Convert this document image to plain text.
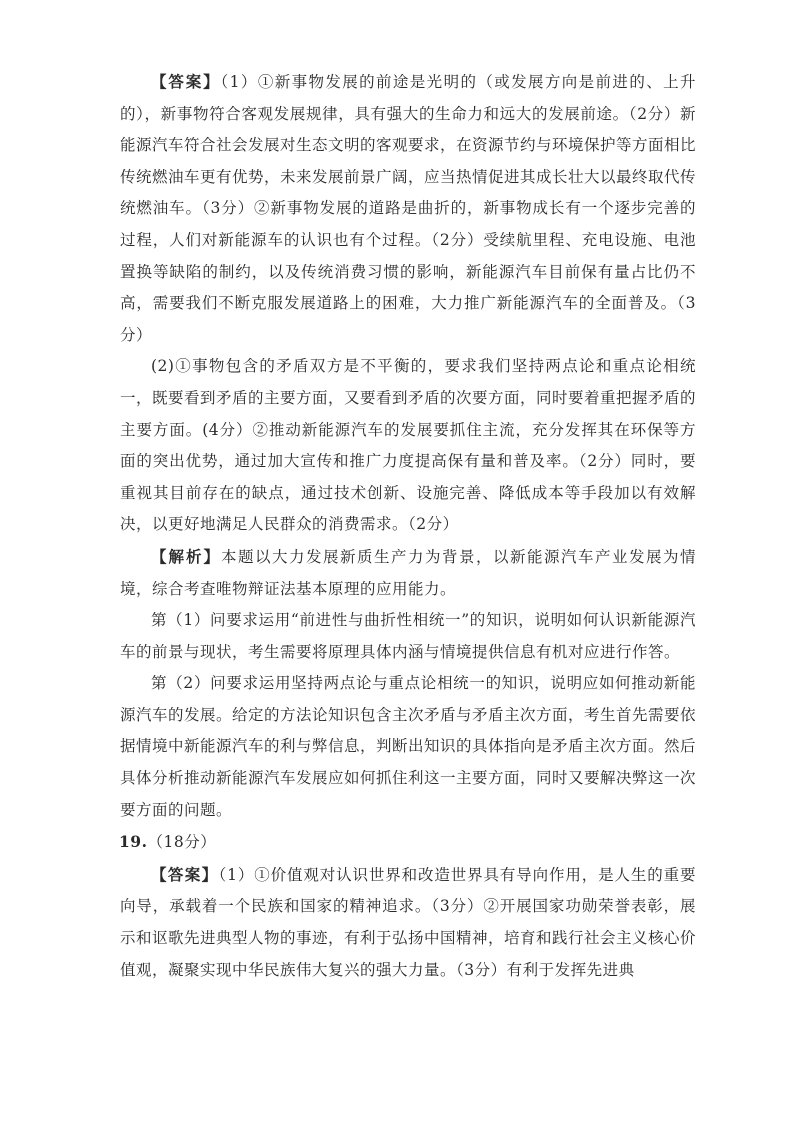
【答案】（1）①新事物发展的前途是光明的（或发展方向是前进的、上升的），新事物符合客观发展规律，具有强大的生命力和远大的发展前途。（2分）新能源汽车符合社会发展对生态文明的客观要求，在资源节约与环境保护等方面相比传统燃油车更有优势，未来发展前景广阔，应当热情促进其成长壮大以最终取代传统燃油车。（3分）②新事物发展的道路是曲折的，新事物成长有一个逐步完善的过程，人们对新能源车的认识也有个过程。（2分）受续航里程、充电设施、电池置换等缺陷的制约，以及传统消费习惯的影响，新能源汽车目前保有量占比仍不高，需要我们不断克服发展道路上的困难，大力推广新能源汽车的全面普及。（3分）

(2)①事物包含的矛盾双方是不平衡的，要求我们坚持两点论和重点论相统一，既要看到矛盾的主要方面，又要看到矛盾的次要方面，同时要着重把握矛盾的主要方面。(4分）②推动新能源汽车的发展要抓住主流，充分发挥其在环保等方面的突出优势，通过加大宣传和推广力度提高保有量和普及率。（2分）同时，要重视其目前存在的缺点，通过技术创新、设施完善、降低成本等手段加以有效解决，以更好地满足人民群众的消费需求。（2分）

【解析】本题以大力发展新质生产力为背景，以新能源汽车产业发展为情境，综合考查唯物辩证法基本原理的应用能力。

第（1）问要求运用“前进性与曲折性相统一”的知识，说明如何认识新能源汽车的前景与现状，考生需要将原理具体内涵与情境提供信息有机对应进行作答。

第（2）问要求运用坚持两点论与重点论相统一的知识，说明应如何推动新能源汽车的发展。给定的方法论知识包含主次矛盾与矛盾主次方面，考生首先需要依据情境中新能源汽车的利与弊信息，判断出知识的具体指向是矛盾主次方面。然后具体分析推动新能源汽车发展应如何抓住利这一主要方面，同时又要解决弊这一次要方面的问题。

19.（18分）

【答案】（1）①价值观对认识世界和改造世界具有导向作用，是人生的重要向导，承载着一个民族和国家的精神追求。（3分）②开展国家功勋荣誉表彰，展示和讴歌先进典型人物的事迹，有利于弘扬中国精神，培育和践行社会主义核心价值观，凝聚实现中华民族伟大复兴的强大力量。（3分）有利于发挥先进典
